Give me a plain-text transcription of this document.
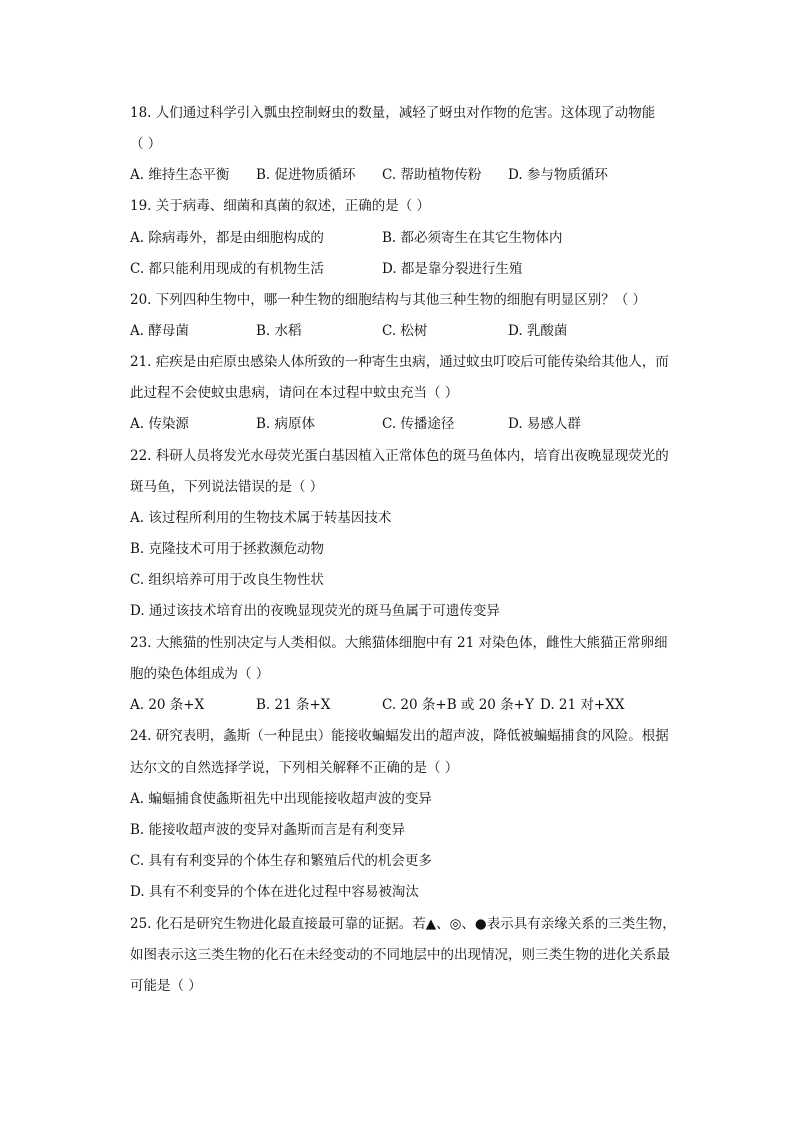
18. 人们通过科学引入瓢虫控制蚜虫的数量，减轻了蚜虫对作物的危害。这体现了动物能
（ ）
A. 维持生态平衡 B. 促进物质循环 C. 帮助植物传粉 D. 参与物质循环
19. 关于病毒、细菌和真菌的叙述，正确的是（ ）
A. 除病毒外，都是由细胞构成的	B. 都必须寄生在其它生物体内
C. 都只能利用现成的有机物生活	D. 都是靠分裂进行生殖
20. 下列四种生物中，哪一种生物的细胞结构与其他三种生物的细胞有明显区别？（ ）
A. 酵母菌	B. 水稻	C. 松树	D. 乳酸菌
21. 疟疾是由疟原虫感染人体所致的一种寄生虫病，通过蚊虫叮咬后可能传染给其他人，而
此过程不会使蚊虫患病，请问在本过程中蚊虫充当（ ）
A. 传染源	B. 病原体	C. 传播途径	D. 易感人群
22. 科研人员将发光水母荧光蛋白基因植入正常体色的斑马鱼体内，培育出夜晚显现荧光的
斑马鱼，下列说法错误的是（ ）
A. 该过程所利用的生物技术属于转基因技术
B. 克隆技术可用于拯救濒危动物
C. 组织培养可用于改良生物性状
D. 通过该技术培育出的夜晚显现荧光的斑马鱼属于可遗传变异
23. 大熊猫的性别决定与人类相似。大熊猫体细胞中有 21 对染色体，雌性大熊猫正常卵细
胞的染色体组成为（ ）
A. 20 条+X	B. 21 条+X	C. 20 条+B 或 20 条+Y D. 21 对+XX
24. 研究表明，螽斯（一种昆虫）能接收蝙蝠发出的超声波，降低被蝙蝠捕食的风险。根据
达尔文的自然选择学说，下列相关解释不正确的是（ ）
A. 蝙蝠捕食使螽斯祖先中出现能接收超声波的变异
B. 能接收超声波的变异对螽斯而言是有利变异
C. 具有有利变异的个体生存和繁殖后代的机会更多
D. 具有不利变异的个体在进化过程中容易被淘汰
25. 化石是研究生物进化最直接最可靠的证据。若▲、◎、●表示具有亲缘关系的三类生物，
如图表示这三类生物的化石在未经变动的不同地层中的出现情况，则三类生物的进化关系最
可能是（ ）
